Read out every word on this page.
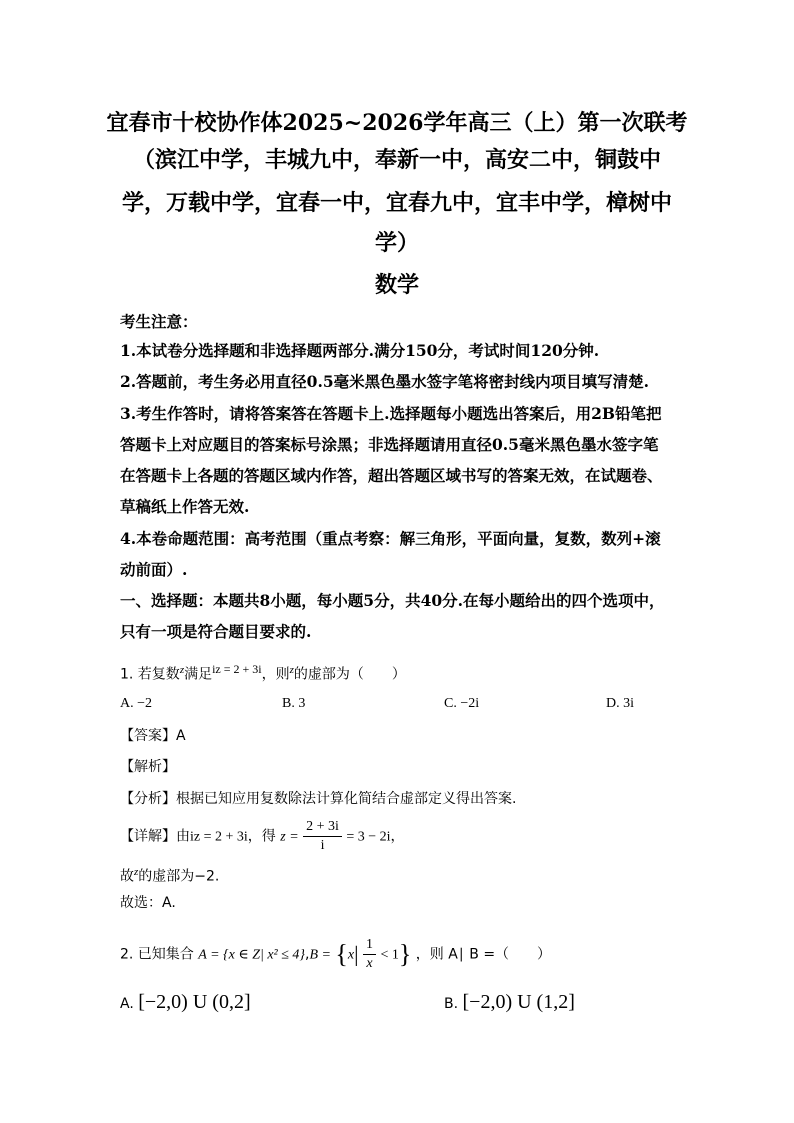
宜春市十校协作体2025~2026学年高三（上）第一次联考
（滨江中学，丰城九中，奉新一中，高安二中，铜鼓中
学，万载中学，宜春一中，宜春九中，宜丰中学，樟树中
学）
数学
考生注意：
1.本试卷分选择题和非选择题两部分.满分150分，考试时间120分钟.
2.答题前，考生务必用直径0.5毫米黑色墨水签字笔将密封线内项目填写清楚.
3.考生作答时，请将答案答在答题卡上.选择题每小题选出答案后，用2B铅笔把
答题卡上对应题目的答案标号涂黑；非选择题请用直径0.5毫米黑色墨水签字笔
在答题卡上各题的答题区域内作答，超出答题区域书写的答案无效，在试题卷、
草稿纸上作答无效.
4.本卷命题范围：高考范围（重点考察：解三角形，平面向量，复数，数列+滚
动前面）.
一、选择题：本题共8小题，每小题5分，共40分.在每小题给出的四个选项中，
只有一项是符合题目要求的.
1. 若复数$^z$满足$^{iz = 2 + 3i}$，则$^z$的虚部为（　　）
A. −2	B. 3	C. −2i	D. 3i
【答案】A
【解析】
【分析】根据已知应用复数除法计算化简结合虚部定义得出答案.
【详解】由iz = 2 + 3i，得 $z = \frac{2 + 3i}{i} = 3 - 2i$，
故$^z$的虚部为−2.
故选：A.
2. 已知集合 A = {x ∈ Z| $x^2 \le 4\},B = \{x| \frac{1}{x} < 1\}$ ，则 A∣ B =（　　）
A. [−2,0) U (0,2]	B. [−2,0) U (1,2]
